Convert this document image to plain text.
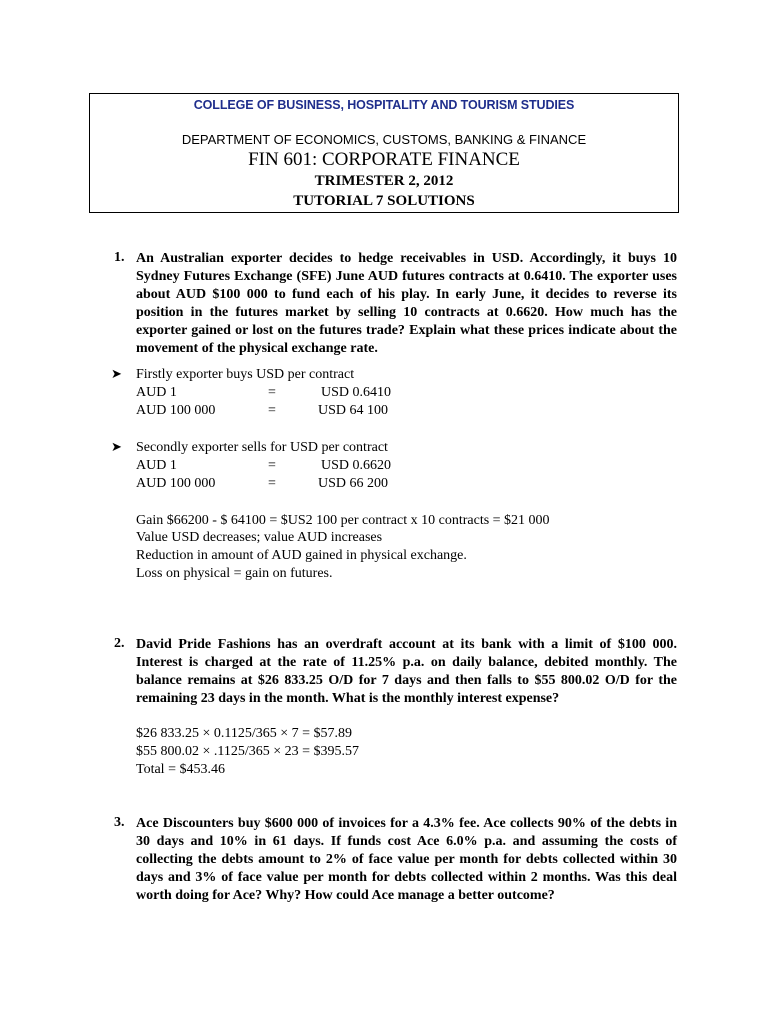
COLLEGE OF BUSINESS, HOSPITALITY AND TOURISM STUDIES
DEPARTMENT OF ECONOMICS, CUSTOMS, BANKING & FINANCE
FIN 601: CORPORATE FINANCE
TRIMESTER 2, 2012
TUTORIAL 7 SOLUTIONS
1. An Australian exporter decides to hedge receivables in USD. Accordingly, it buys 10 Sydney Futures Exchange (SFE) June AUD futures contracts at 0.6410. The exporter uses about AUD $100 000 to fund each of his play. In early June, it decides to reverse its position in the futures market by selling 10 contracts at 0.6620. How much has the exporter gained or lost on the futures trade? Explain what these prices indicate about the movement of the physical exchange rate.
➤ Firstly exporter buys USD per contract
AUD 1	=	USD 0.6410
AUD 100 000	=	USD 64 100
➤ Secondly exporter sells for USD per contract
AUD 1	=	USD 0.6620
AUD 100 000	=	USD 66 200
Gain $66200 - $ 64100 = $US2 100 per contract x 10 contracts = $21 000
Value USD decreases; value AUD increases
Reduction in amount of AUD gained in physical exchange.
Loss on physical = gain on futures.
2. David Pride Fashions has an overdraft account at its bank with a limit of $100 000. Interest is charged at the rate of 11.25% p.a. on daily balance, debited monthly. The balance remains at $26 833.25 O/D for 7 days and then falls to $55 800.02 O/D for the remaining 23 days in the month. What is the monthly interest expense?
$26 833.25 × 0.1125/365 × 7 = $57.89
$55 800.02 × .1125/365 × 23 = $395.57
Total = $453.46
3. Ace Discounters buy $600 000 of invoices for a 4.3% fee. Ace collects 90% of the debts in 30 days and 10% in 61 days. If funds cost Ace 6.0% p.a. and assuming the costs of collecting the debts amount to 2% of face value per month for debts collected within 30 days and 3% of face value per month for debts collected within 2 months. Was this deal worth doing for Ace? Why? How could Ace manage a better outcome?
